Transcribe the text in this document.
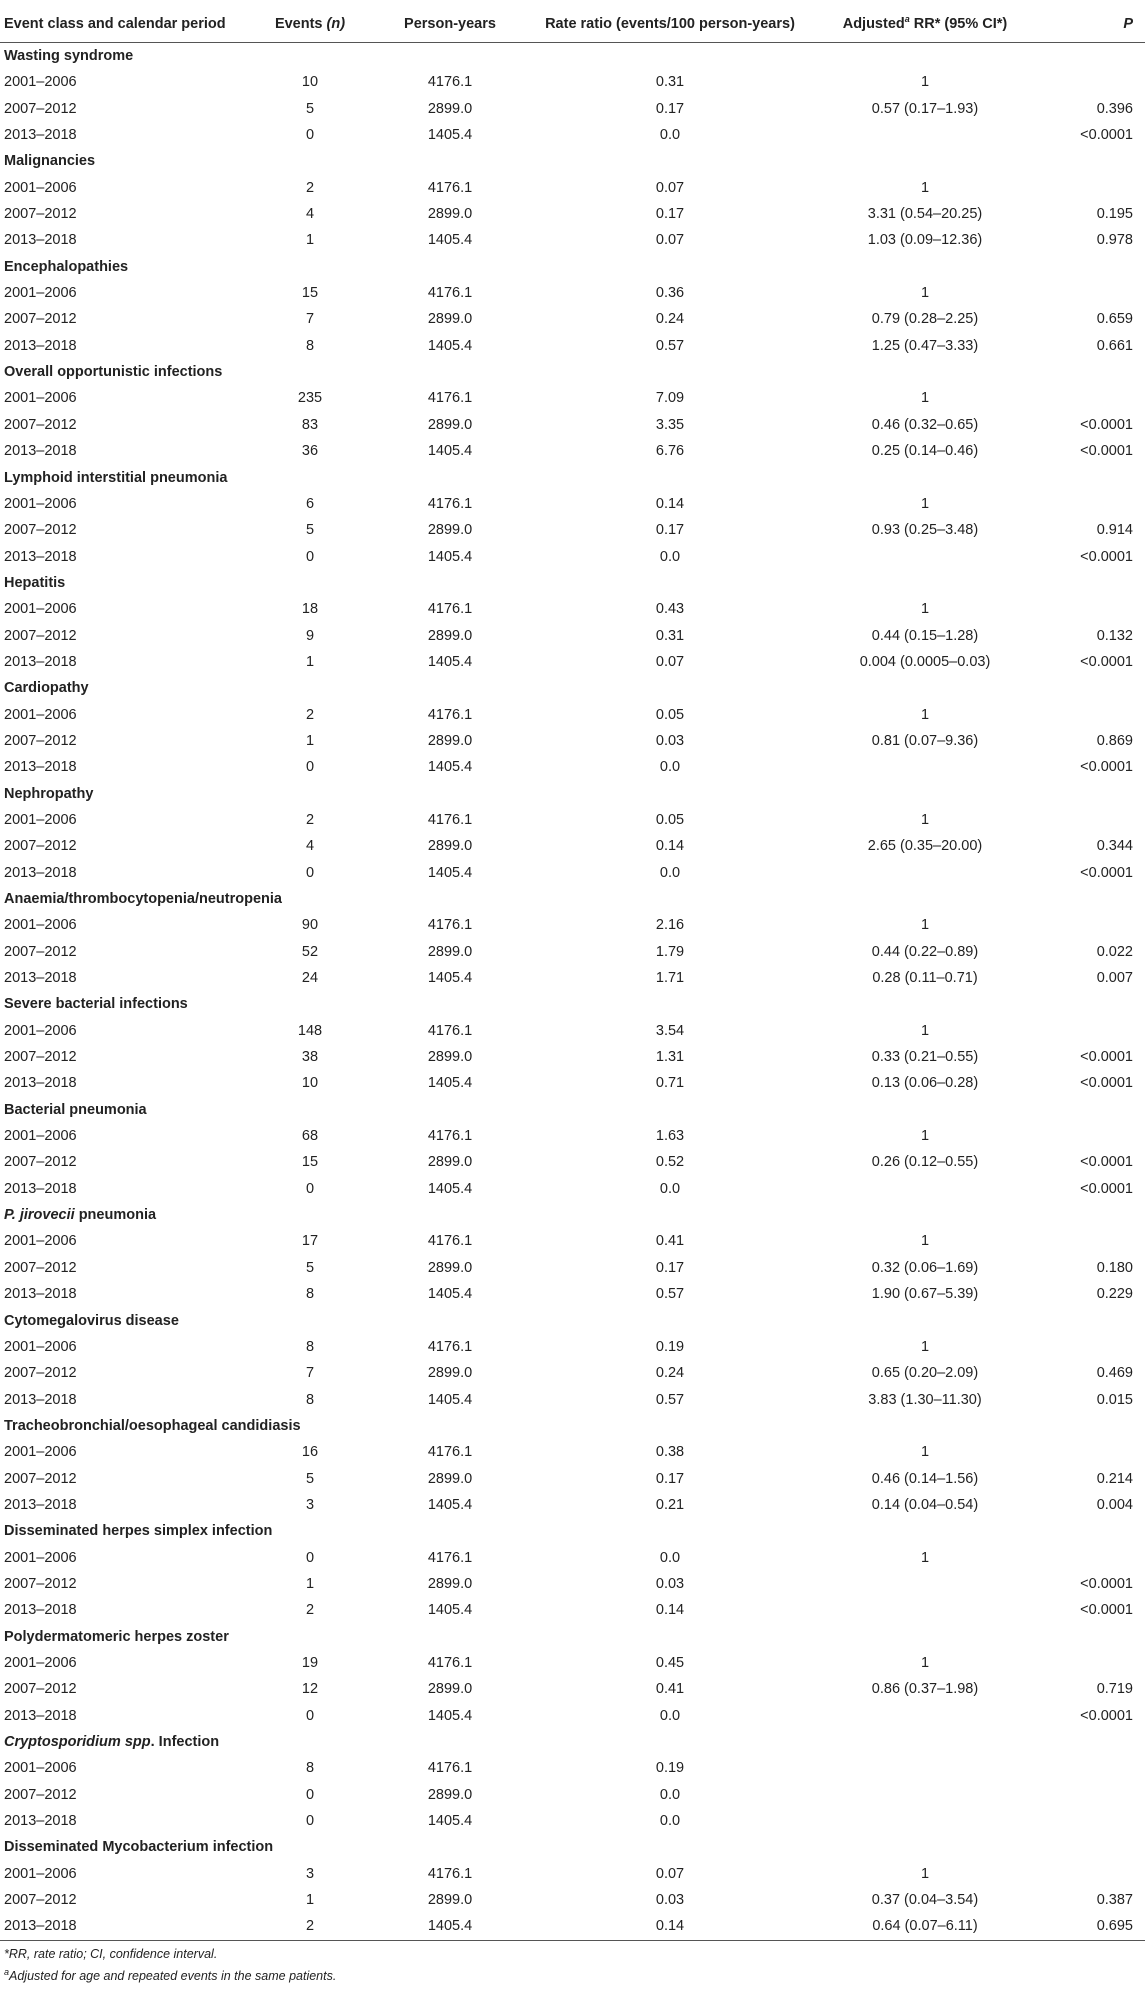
Event class and calendar period	Events (n)	Person-years	Rate ratio (events/100 person-years)	Adjusted$^a$ RR* (95% CI*)	P
Wasting syndrome					
2001–2006	10	4176.1	0.31	1	
2007–2012	5	2899.0	0.17	0.57 (0.17–1.93)	0.396
2013–2018	0	1405.4	0.0		<0.0001
Malignancies					
2001–2006	2	4176.1	0.07	1	
2007–2012	4	2899.0	0.17	3.31 (0.54–20.25)	0.195
2013–2018	1	1405.4	0.07	1.03 (0.09–12.36)	0.978
Encephalopathies					
2001–2006	15	4176.1	0.36	1	
2007–2012	7	2899.0	0.24	0.79 (0.28–2.25)	0.659
2013–2018	8	1405.4	0.57	1.25 (0.47–3.33)	0.661
Overall opportunistic infections					
2001–2006	235	4176.1	7.09	1	
2007–2012	83	2899.0	3.35	0.46 (0.32–0.65)	<0.0001
2013–2018	36	1405.4	6.76	0.25 (0.14–0.46)	<0.0001
Lymphoid interstitial pneumonia					
2001–2006	6	4176.1	0.14	1	
2007–2012	5	2899.0	0.17	0.93 (0.25–3.48)	0.914
2013–2018	0	1405.4	0.0		<0.0001
Hepatitis					
2001–2006	18	4176.1	0.43	1	
2007–2012	9	2899.0	0.31	0.44 (0.15–1.28)	0.132
2013–2018	1	1405.4	0.07	0.004 (0.0005–0.03)	<0.0001
Cardiopathy					
2001–2006	2	4176.1	0.05	1	
2007–2012	1	2899.0	0.03	0.81 (0.07–9.36)	0.869
2013–2018	0	1405.4	0.0		<0.0001
Nephropathy					
2001–2006	2	4176.1	0.05	1	
2007–2012	4	2899.0	0.14	2.65 (0.35–20.00)	0.344
2013–2018	0	1405.4	0.0		<0.0001
Anaemia/thrombocytopenia/neutropenia					
2001–2006	90	4176.1	2.16	1	
2007–2012	52	2899.0	1.79	0.44 (0.22–0.89)	0.022
2013–2018	24	1405.4	1.71	0.28 (0.11–0.71)	0.007
Severe bacterial infections					
2001–2006	148	4176.1	3.54	1	
2007–2012	38	2899.0	1.31	0.33 (0.21–0.55)	<0.0001
2013–2018	10	1405.4	0.71	0.13 (0.06–0.28)	<0.0001
Bacterial pneumonia					
2001–2006	68	4176.1	1.63	1	
2007–2012	15	2899.0	0.52	0.26 (0.12–0.55)	<0.0001
2013–2018	0	1405.4	0.0		<0.0001
P. jirovecii pneumonia					
2001–2006	17	4176.1	0.41	1	
2007–2012	5	2899.0	0.17	0.32 (0.06–1.69)	0.180
2013–2018	8	1405.4	0.57	1.90 (0.67–5.39)	0.229
Cytomegalovirus disease					
2001–2006	8	4176.1	0.19	1	
2007–2012	7	2899.0	0.24	0.65 (0.20–2.09)	0.469
2013–2018	8	1405.4	0.57	3.83 (1.30–11.30)	0.015
Tracheobronchial/oesophageal candidiasis					
2001–2006	16	4176.1	0.38	1	
2007–2012	5	2899.0	0.17	0.46 (0.14–1.56)	0.214
2013–2018	3	1405.4	0.21	0.14 (0.04–0.54)	0.004
Disseminated herpes simplex infection					
2001–2006	0	4176.1	0.0	1	
2007–2012	1	2899.0	0.03		<0.0001
2013–2018	2	1405.4	0.14		<0.0001
Polydermatomeric herpes zoster					
2001–2006	19	4176.1	0.45	1	
2007–2012	12	2899.0	0.41	0.86 (0.37–1.98)	0.719
2013–2018	0	1405.4	0.0		<0.0001
Cryptosporidium spp. Infection					
2001–2006	8	4176.1	0.19		
2007–2012	0	2899.0	0.0		
2013–2018	0	1405.4	0.0		
Disseminated Mycobacterium infection					
2001–2006	3	4176.1	0.07	1	
2007–2012	1	2899.0	0.03	0.37 (0.04–3.54)	0.387
2013–2018	2	1405.4	0.14	0.64 (0.07–6.11)	0.695
*RR, rate ratio; CI, confidence interval.
$^a$Adjusted for age and repeated events in the same patients.
